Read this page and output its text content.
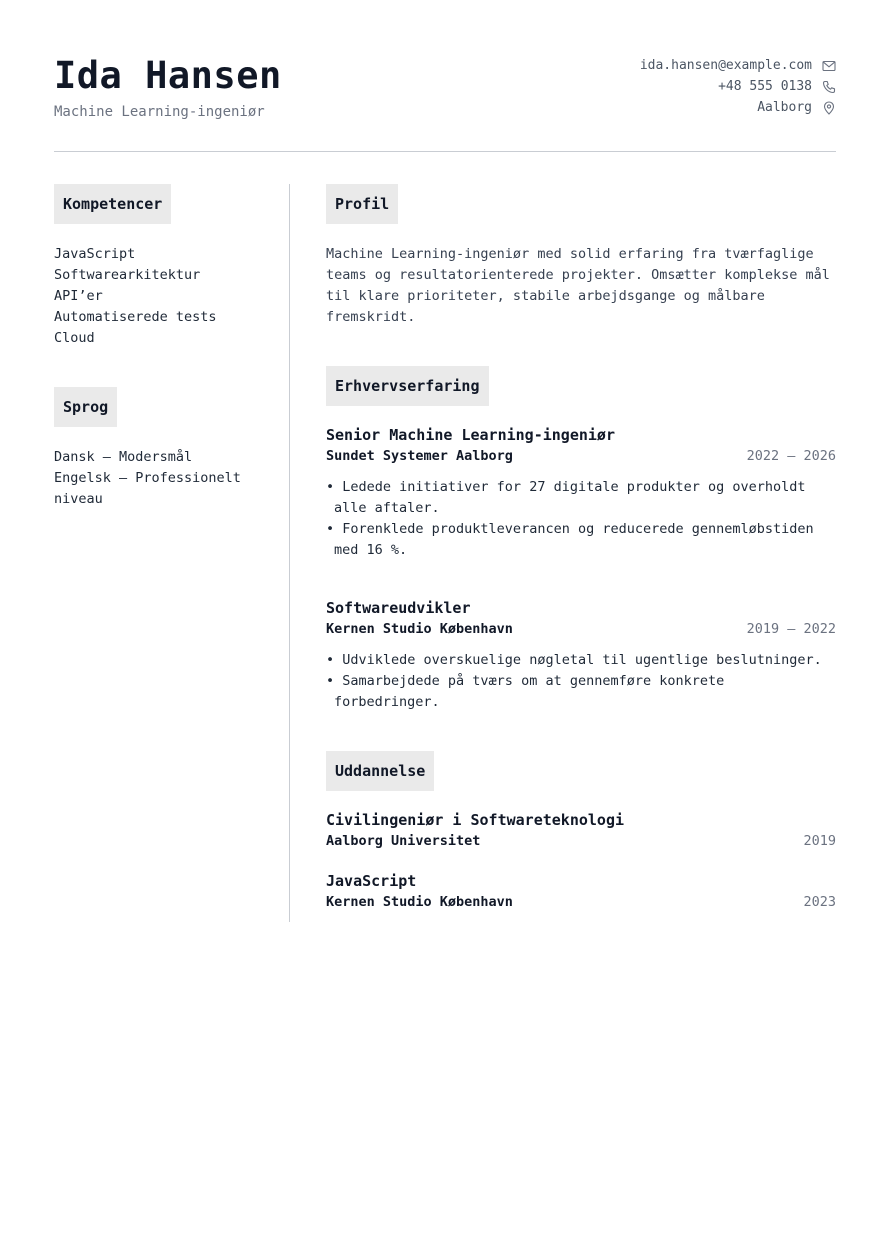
Ida Hansen
Machine Learning-ingeniør
ida.hansen@example.com
+48 555 0138
Aalborg
Kompetencer
JavaScript
Softwarearkitektur
API’er
Automatiserede tests
Cloud
Sprog
Dansk — Modersmål
Engelsk — Professionelt niveau
Profil
Machine Learning-ingeniør med solid erfaring fra tværfaglige teams og resultatorienterede projekter. Omsætter komplekse mål til klare prioriteter, stabile arbejdsgange og målbare fremskridt.
Erhvervserfaring
Senior Machine Learning-ingeniør
Sundet Systemer Aalborg	2022 — 2026
• Ledede initiativer for 27 digitale produkter og overholdt alle aftaler.
• Forenklede produktleverancen og reducerede gennemløbstiden med 16 %.
Softwareudvikler
Kernen Studio København	2019 — 2022
• Udviklede overskuelige nøgletal til ugentlige beslutninger.
• Samarbejdede på tværs om at gennemføre konkrete forbedringer.
Uddannelse
Civilingeniør i Softwareteknologi
Aalborg Universitet	2019
JavaScript
Kernen Studio København	2023
